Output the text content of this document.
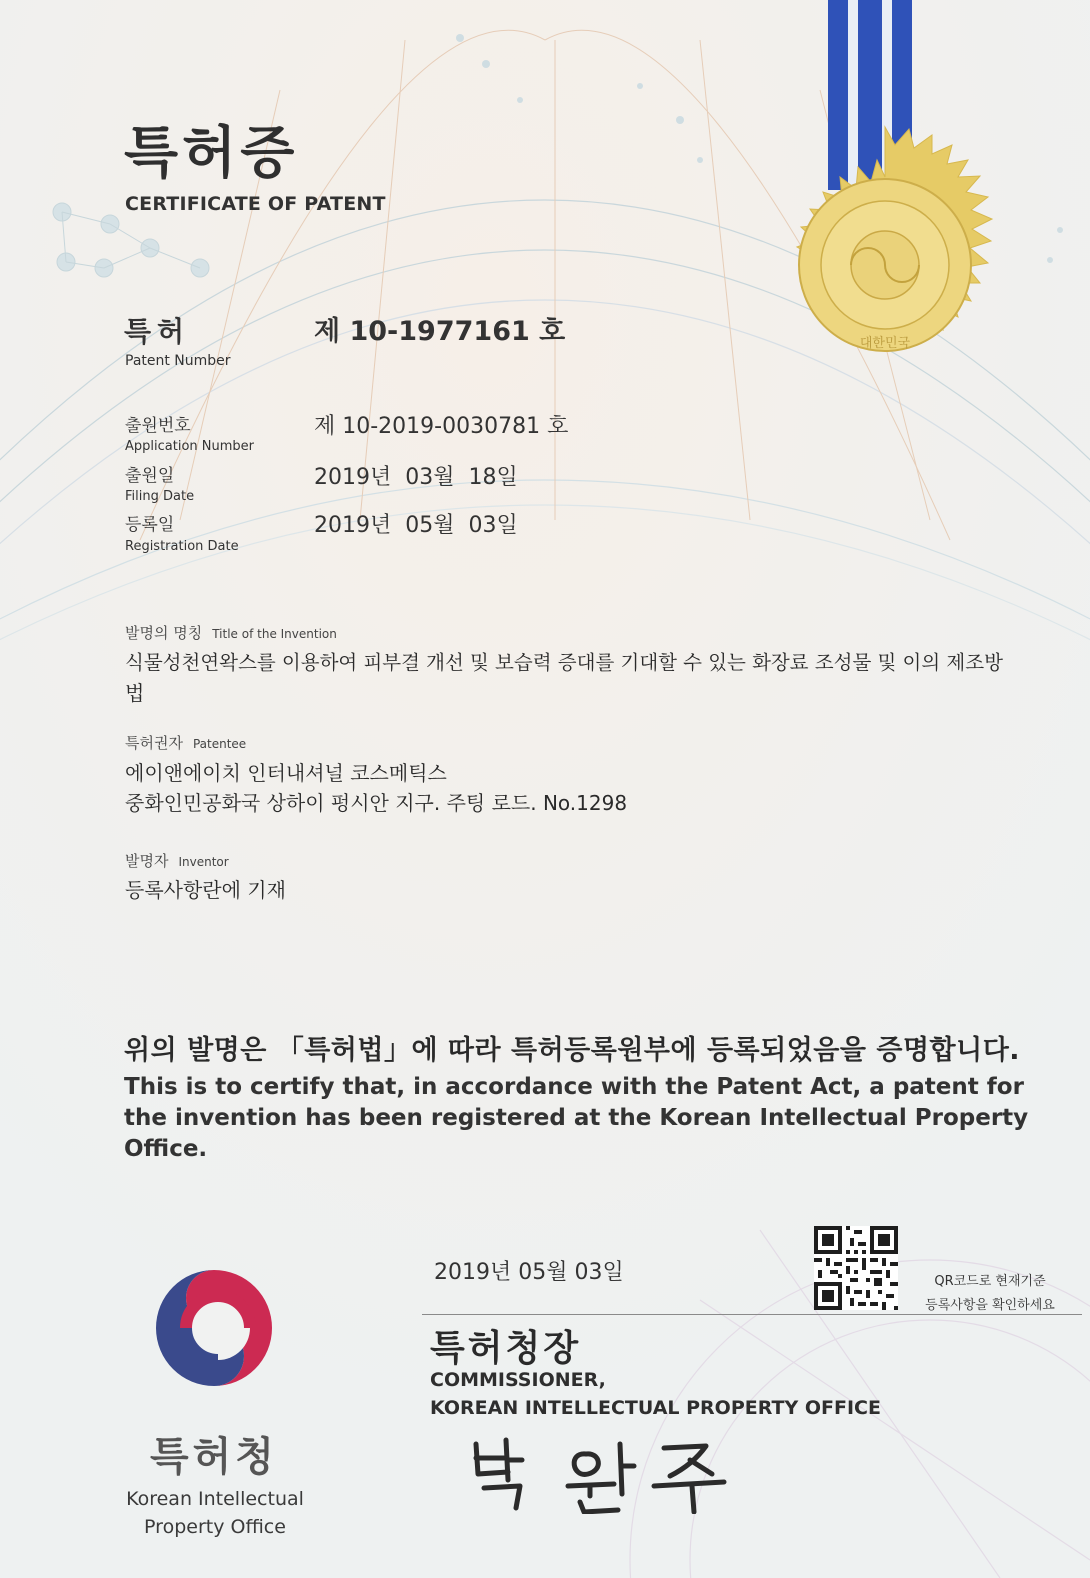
대한민국
특허증
CERTIFICATE OF PATENT
특허
Patent Number
제 10-1977161 호
출원번호
Application Number
제 10-2019-0030781 호
출원일
Filing Date
2019년  03월  18일
등록일
Registration Date
2019년  05월  03일
발명의 명칭 Title of the Invention
식물성천연왁스를 이용하여 피부결 개선 및 보습력 증대를 기대할 수 있는 화장료 조성물 및 이의 제조방
법
특허권자 Patentee
에이앤에이치 인터내셔널 코스메틱스
중화인민공화국 상하이 펑시안 지구. 주팅 로드. No.1298
발명자 Inventor
등록사항란에 기재
위의 발명은 「특허법」에 따라 특허등록원부에 등록되었음을 증명합니다.
This is to certify that, in accordance with the Patent Act, a patent for the invention has been registered at the Korean Intellectual Property Office.
QR코드로 현재기준
등록사항을 확인하세요
2019년 05월 03일
특허청장
COMMISSIONER,
KOREAN INTELLECTUAL PROPERTY OFFICE
특허청
Korean Intellectual
Property Office
